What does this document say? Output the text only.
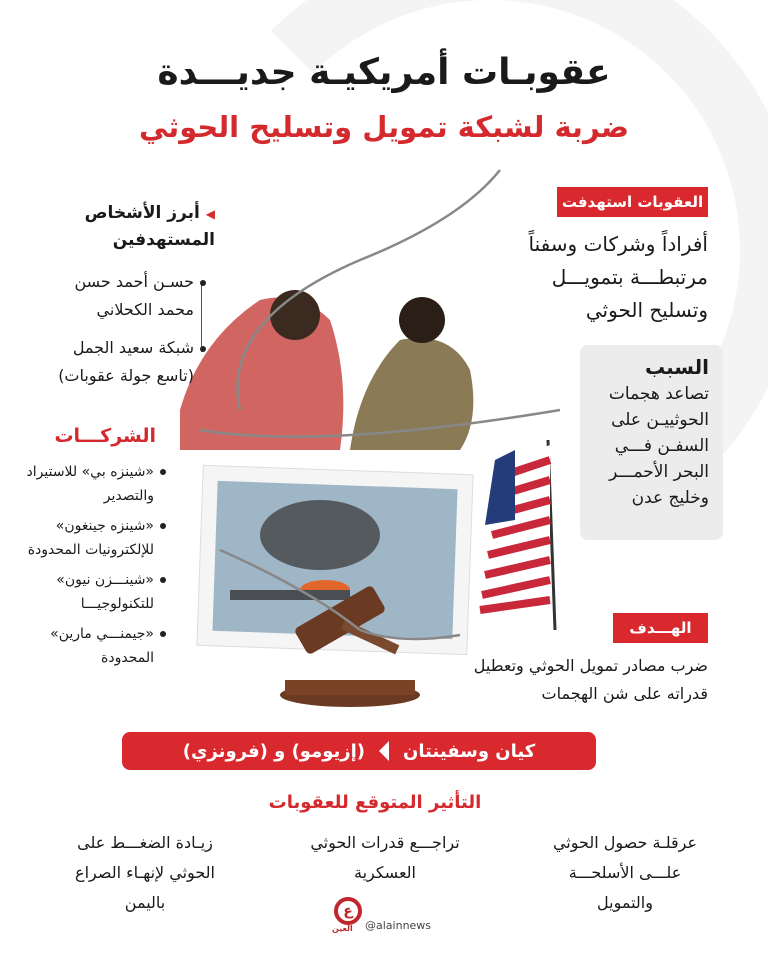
عقوبـات أمريكيـة جديـــدة
ضربة لشبكة تمويل وتسليح الحوثي
العقوبات استهدفت
أفراداً وشركات وسفناً
مرتبطـــة بتمويـــل
وتسليح الحوثي
السبب

تصاعد هجمات

الحوثييـن على

السفـن فـــي

البحر الأحمـــر

وخليج عدن

الهـــدف
ضرب مصادر تمويل الحوثي وتعطيل
قدراته على شن الهجمات
◀ أبرز الأشخاص
المستهدفين
حسـن أحمد حسن
محمد الكحلاني
شبكة سعيد الجمل
(تاسع جولة عقوبات)
الشركـــات
«شينزه بي» للاستيراد
والتصدير
«شينزه جينغون»
للإلكترونيات المحدودة
«شينـــزن نيون»
للتكنولوجيـــا
«جيمنـــي مارين»
المحدودة
كيان وسفينتان
(إزيومو) و (فرونزي)
التأثير المتوقع للعقوبات
عرقلـة حصول الحوثي
علـــى الأسلحـــة
والتمويل
تراجـــع قدرات الحوثي
العسكرية
زيـادة الضغـــط على
الحوثي لإنهـاء الصراع
باليمن	ع
العين @alainnews
